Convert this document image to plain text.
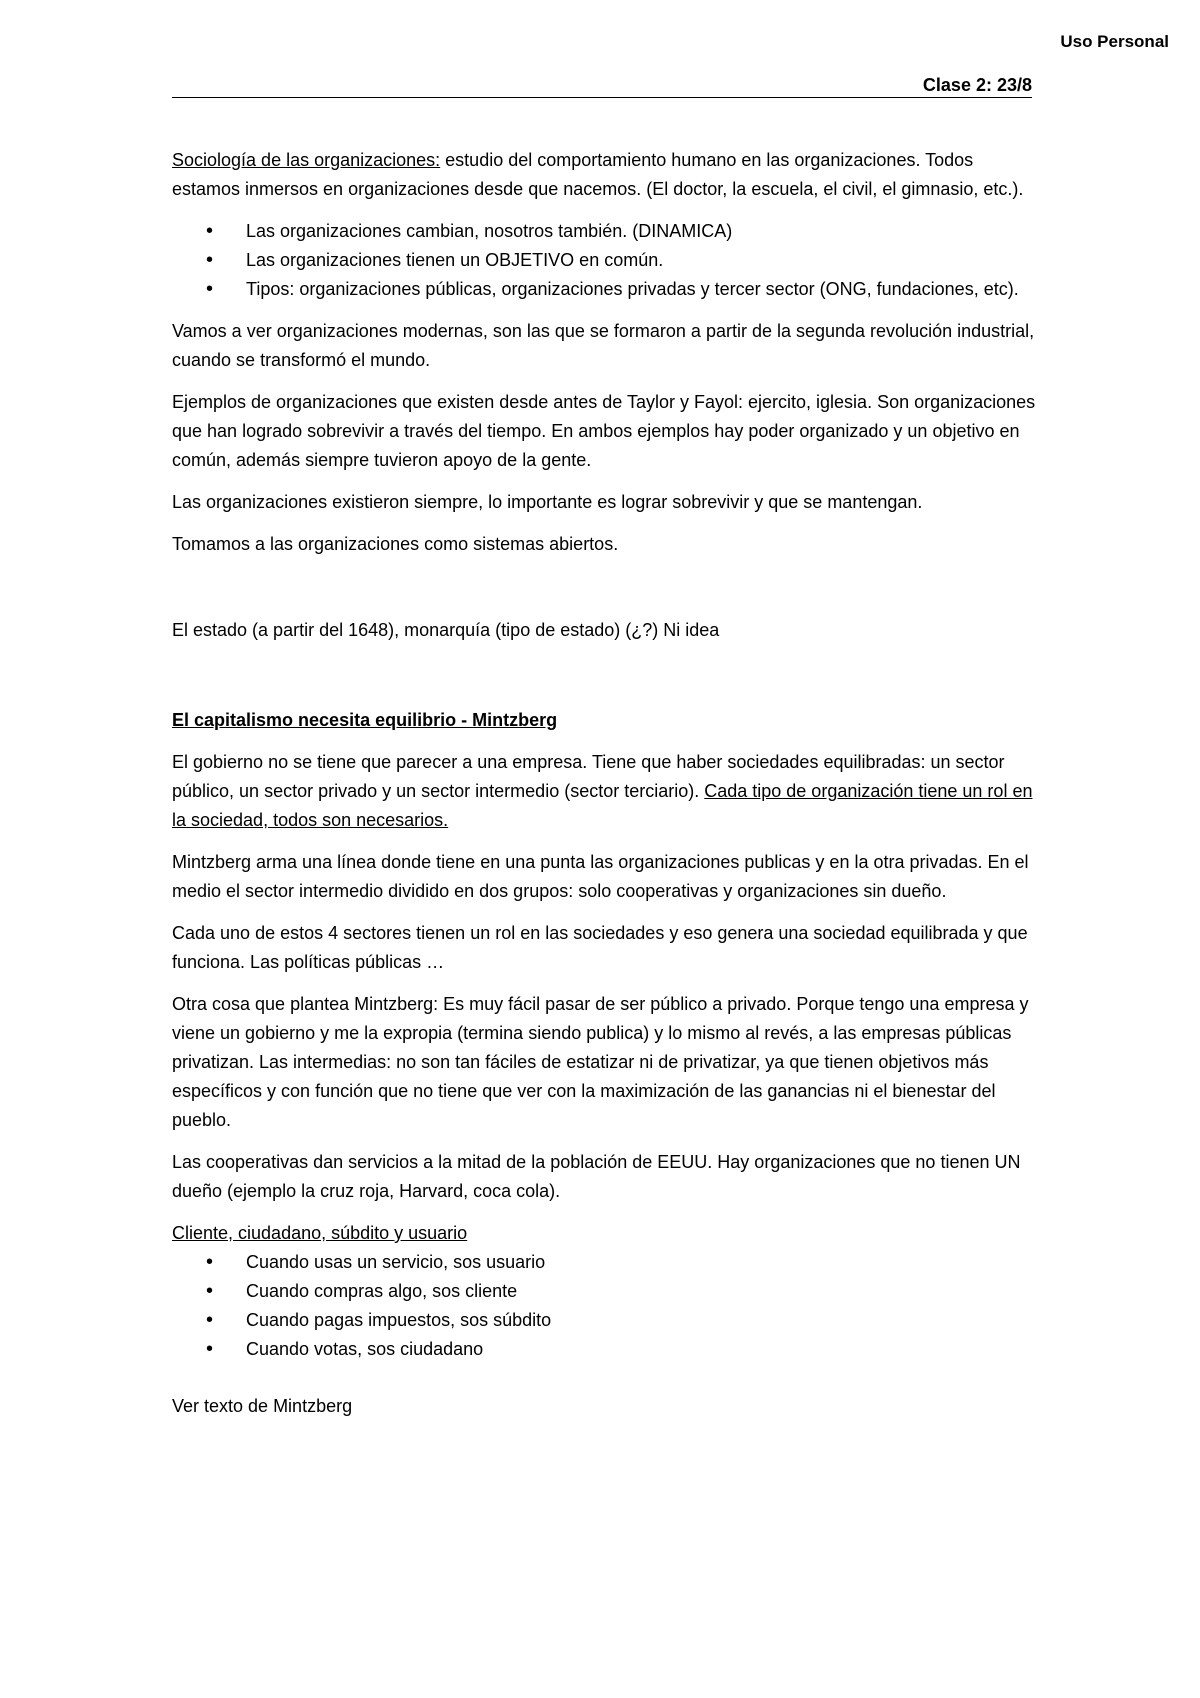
Uso Personal
Clase 2: 23/8

Sociología de las organizaciones: estudio del comportamiento humano en las organizaciones. Todos estamos inmersos en organizaciones desde que nacemos. (El doctor, la escuela, el civil, el gimnasio, etc.).

• Las organizaciones cambian, nosotros también. (DINAMICA)
• Las organizaciones tienen un OBJETIVO en común.
• Tipos: organizaciones públicas, organizaciones privadas y tercer sector (ONG, fundaciones, etc).

Vamos a ver organizaciones modernas, son las que se formaron a partir de la segunda revolución industrial, cuando se transformó el mundo.

Ejemplos de organizaciones que existen desde antes de Taylor y Fayol: ejercito, iglesia. Son organizaciones que han logrado sobrevivir a través del tiempo. En ambos ejemplos hay poder organizado y un objetivo en común, además siempre tuvieron apoyo de la gente.

Las organizaciones existieron siempre, lo importante es lograr sobrevivir y que se mantengan.

Tomamos a las organizaciones como sistemas abiertos.

El estado (a partir del 1648), monarquía (tipo de estado) (¿?) Ni idea

El capitalismo necesita equilibrio - Mintzberg

El gobierno no se tiene que parecer a una empresa. Tiene que haber sociedades equilibradas: un sector público, un sector privado y un sector intermedio (sector terciario). Cada tipo de organización tiene un rol en la sociedad, todos son necesarios.

Mintzberg arma una línea donde tiene en una punta las organizaciones publicas y en la otra privadas. En el medio el sector intermedio dividido en dos grupos: solo cooperativas y organizaciones sin dueño.

Cada uno de estos 4 sectores tienen un rol en las sociedades y eso genera una sociedad equilibrada y que funciona. Las políticas públicas …

Otra cosa que plantea Mintzberg: Es muy fácil pasar de ser público a privado. Porque tengo una empresa y viene un gobierno y me la expropia (termina siendo publica) y lo mismo al revés, a las empresas públicas privatizan. Las intermedias: no son tan fáciles de estatizar ni de privatizar, ya que tienen objetivos más específicos y con función que no tiene que ver con la maximización de las ganancias ni el bienestar del pueblo.

Las cooperativas dan servicios a la mitad de la población de EEUU. Hay organizaciones que no tienen UN dueño (ejemplo la cruz roja, Harvard, coca cola).

Cliente, ciudadano, súbdito y usuario
• Cuando usas un servicio, sos usuario
• Cuando compras algo, sos cliente
• Cuando pagas impuestos, sos súbdito
• Cuando votas, sos ciudadano

Ver texto de Mintzberg
